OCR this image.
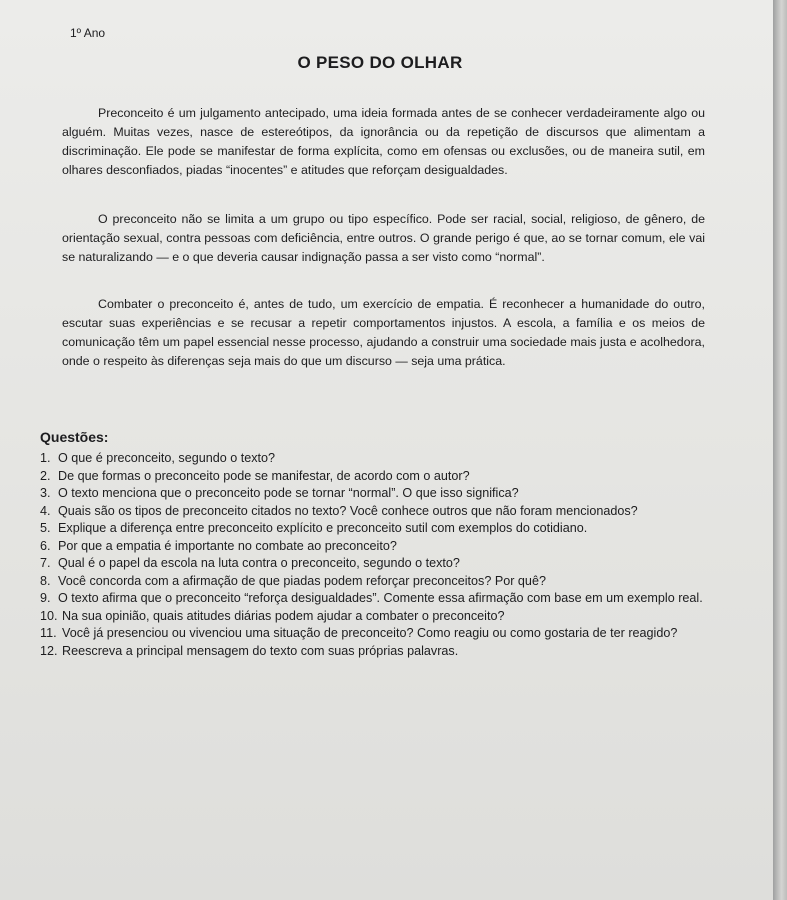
1º Ano
O PESO DO OLHAR

Preconceito é um julgamento antecipado, uma ideia formada antes de se conhecer verdadeiramente algo ou alguém. Muitas vezes, nasce de estereótipos, da ignorância ou da repetição de discursos que alimentam a discriminação. Ele pode se manifestar de forma explícita, como em ofensas ou exclusões, ou de maneira sutil, em olhares desconfiados, piadas “inocentes” e atitudes que reforçam desigualdades.

O preconceito não se limita a um grupo ou tipo específico. Pode ser racial, social, religioso, de gênero, de orientação sexual, contra pessoas com deficiência, entre outros. O grande perigo é que, ao se tornar comum, ele vai se naturalizando — e o que deveria causar indignação passa a ser visto como “normal”.

Combater o preconceito é, antes de tudo, um exercício de empatia. É reconhecer a humanidade do outro, escutar suas experiências e se recusar a repetir comportamentos injustos. A escola, a família e os meios de comunicação têm um papel essencial nesse processo, ajudando a construir uma sociedade mais justa e acolhedora, onde o respeito às diferenças seja mais do que um discurso — seja uma prática.

Questões:
1. O que é preconceito, segundo o texto?
2. De que formas o preconceito pode se manifestar, de acordo com o autor?
3. O texto menciona que o preconceito pode se tornar “normal”. O que isso significa?
4. Quais são os tipos de preconceito citados no texto? Você conhece outros que não foram mencionados?
5. Explique a diferença entre preconceito explícito e preconceito sutil com exemplos do cotidiano.
6. Por que a empatia é importante no combate ao preconceito?
7. Qual é o papel da escola na luta contra o preconceito, segundo o texto?
8. Você concorda com a afirmação de que piadas podem reforçar preconceitos? Por quê?
9. O texto afirma que o preconceito “reforça desigualdades”. Comente essa afirmação com base em um exemplo real.
10. Na sua opinião, quais atitudes diárias podem ajudar a combater o preconceito?
11. Você já presenciou ou vivenciou uma situação de preconceito? Como reagiu ou como gostaria de ter reagido?
12. Reescreva a principal mensagem do texto com suas próprias palavras.
